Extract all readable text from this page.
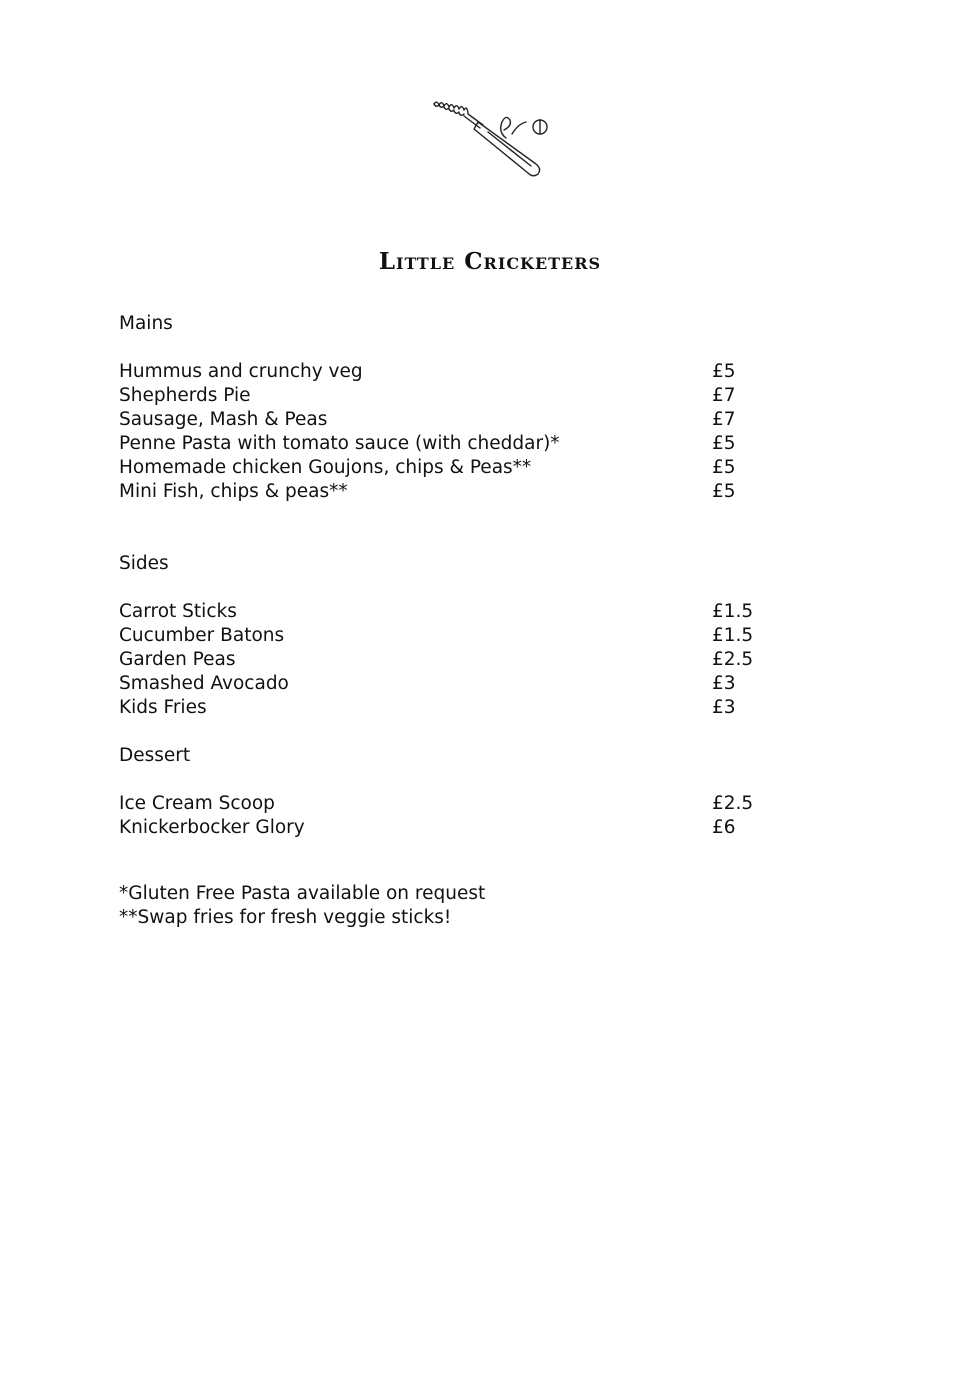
Little Cricketers
Mains
Hummus and crunchy veg	£5
Shepherds Pie	£7
Sausage, Mash & Peas	£7
Penne Pasta with tomato sauce (with cheddar)*	£5
Homemade chicken Goujons, chips & Peas**	£5
Mini Fish, chips & peas**	£5
Sides
Carrot Sticks	£1.5
Cucumber Batons	£1.5
Garden Peas	£2.5
Smashed Avocado	£3
Kids Fries	£3
Dessert
Ice Cream Scoop	£2.5
Knickerbocker Glory	£6
*Gluten Free Pasta available on request
**Swap fries for fresh veggie sticks!
